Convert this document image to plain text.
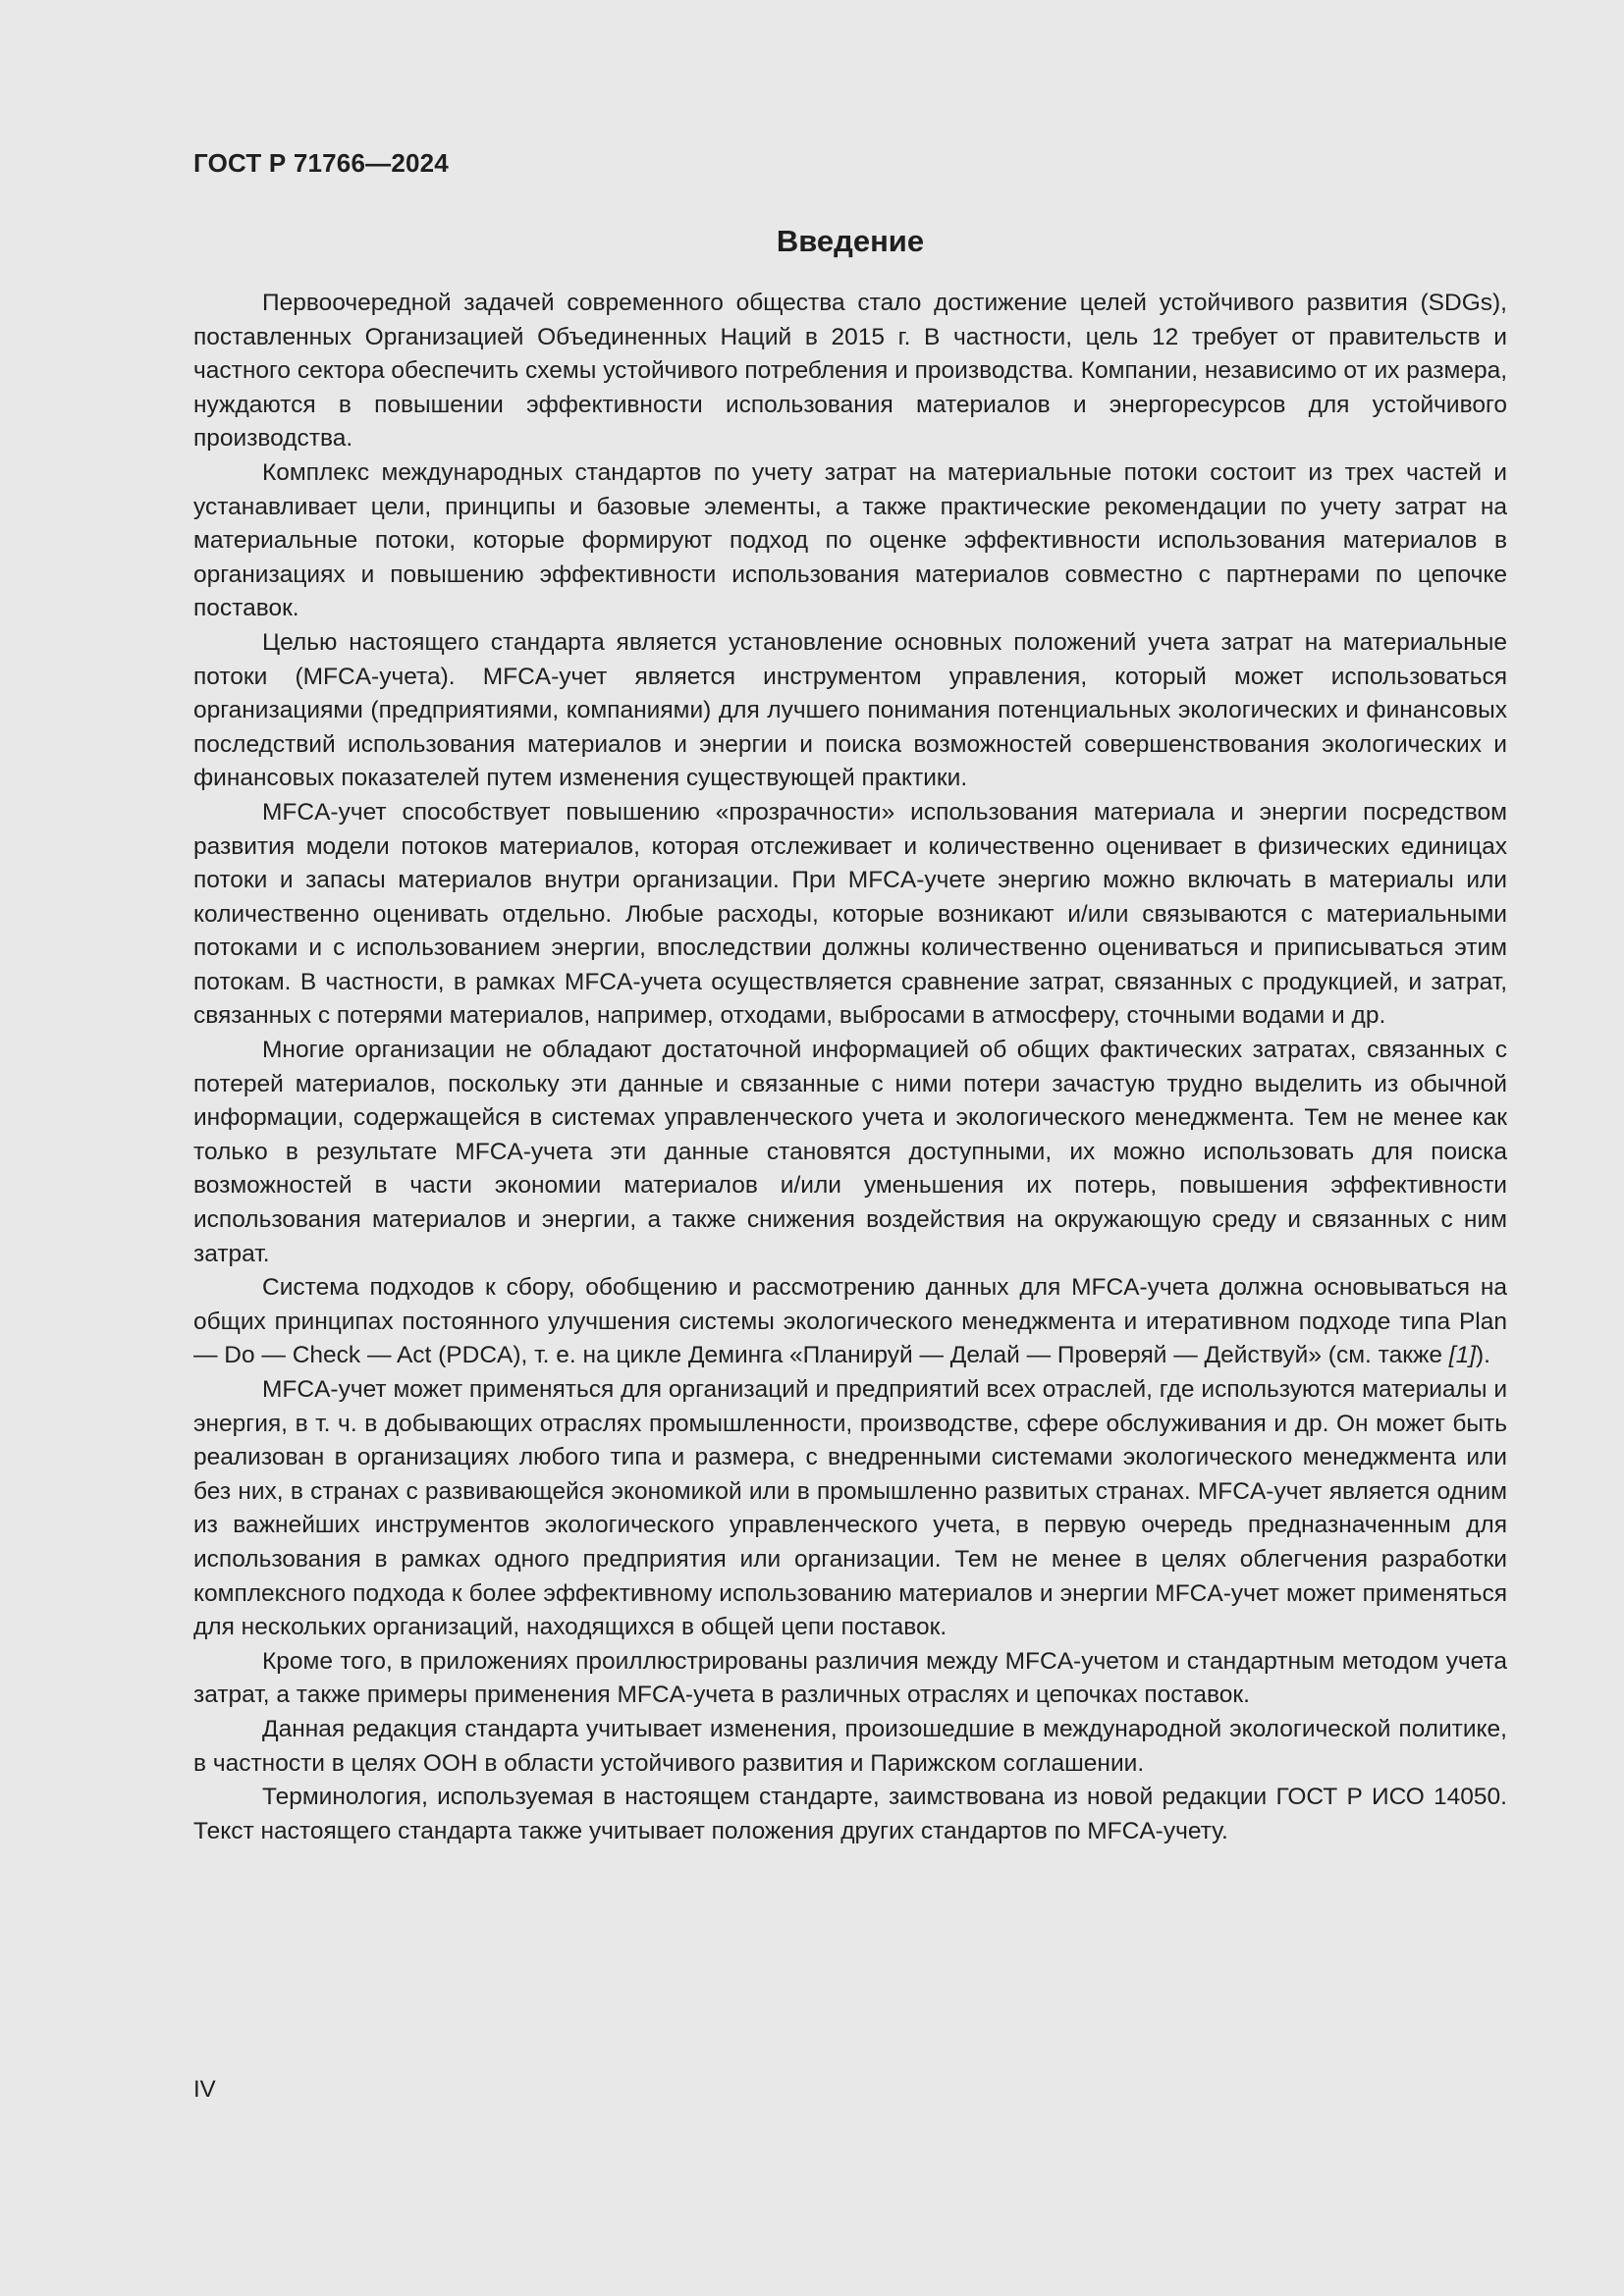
ГОСТ Р 71766—2024
Введение

Первоочередной задачей современного общества стало достижение целей устойчивого развития (SDGs), поставленных Организацией Объединенных Наций в 2015 г. В частности, цель 12 требует от правительств и частного сектора обеспечить схемы устойчивого потребления и производства. Компании, независимо от их размера, нуждаются в повышении эффективности использования материалов и энергоресурсов для устойчивого производства.

Комплекс международных стандартов по учету затрат на материальные потоки состоит из трех частей и устанавливает цели, принципы и базовые элементы, а также практические рекомендации по учету затрат на материальные потоки, которые формируют подход по оценке эффективности использования материалов в организациях и повышению эффективности использования материалов совместно с партнерами по цепочке поставок.

Целью настоящего стандарта является установление основных положений учета затрат на материальные потоки (MFCA-учета). MFCA-учет является инструментом управления, который может использоваться организациями (предприятиями, компаниями) для лучшего понимания потенциальных экологических и финансовых последствий использования материалов и энергии и поиска возможностей совершенствования экологических и финансовых показателей путем изменения существующей практики.

MFCA-учет способствует повышению «прозрачности» использования материала и энергии посредством развития модели потоков материалов, которая отслеживает и количественно оценивает в физических единицах потоки и запасы материалов внутри организации. При MFCA-учете энергию можно включать в материалы или количественно оценивать отдельно. Любые расходы, которые возникают и/или связываются с материальными потоками и с использованием энергии, впоследствии должны количественно оцениваться и приписываться этим потокам. В частности, в рамках MFCA-учета осуществляется сравнение затрат, связанных с продукцией, и затрат, связанных с потерями материалов, например, отходами, выбросами в атмосферу, сточными водами и др.

Многие организации не обладают достаточной информацией об общих фактических затратах, связанных с потерей материалов, поскольку эти данные и связанные с ними потери зачастую трудно выделить из обычной информации, содержащейся в системах управленческого учета и экологического менеджмента. Тем не менее как только в результате MFCA-учета эти данные становятся доступными, их можно использовать для поиска возможностей в части экономии материалов и/или уменьшения их потерь, повышения эффективности использования материалов и энергии, а также снижения воздействия на окружающую среду и связанных с ним затрат.

Система подходов к сбору, обобщению и рассмотрению данных для MFCA-учета должна основываться на общих принципах постоянного улучшения системы экологического менеджмента и итеративном подходе типа Plan — Do — Check — Act (PDCA), т. е. на цикле Деминга «Планируй — Делай — Проверяй — Действуй» (см. также [1]).

MFCA-учет может применяться для организаций и предприятий всех отраслей, где используются материалы и энергия, в т. ч. в добывающих отраслях промышленности, производстве, сфере обслуживания и др. Он может быть реализован в организациях любого типа и размера, с внедренными системами экологического менеджмента или без них, в странах с развивающейся экономикой или в промышленно развитых странах. MFCA-учет является одним из важнейших инструментов экологического управленческого учета, в первую очередь предназначенным для использования в рамках одного предприятия или организации. Тем не менее в целях облегчения разработки комплексного подхода к более эффективному использованию материалов и энергии MFCA-учет может применяться для нескольких организаций, находящихся в общей цепи поставок.

Кроме того, в приложениях проиллюстрированы различия между MFCA-учетом и стандартным методом учета затрат, а также примеры применения MFCA-учета в различных отраслях и цепочках поставок.

Данная редакция стандарта учитывает изменения, произошедшие в международной экологической политике, в частности в целях ООН в области устойчивого развития и Парижском соглашении.

Терминология, используемая в настоящем стандарте, заимствована из новой редакции ГОСТ Р ИСО 14050. Текст настоящего стандарта также учитывает положения других стандартов по MFCA-учету.

IV
